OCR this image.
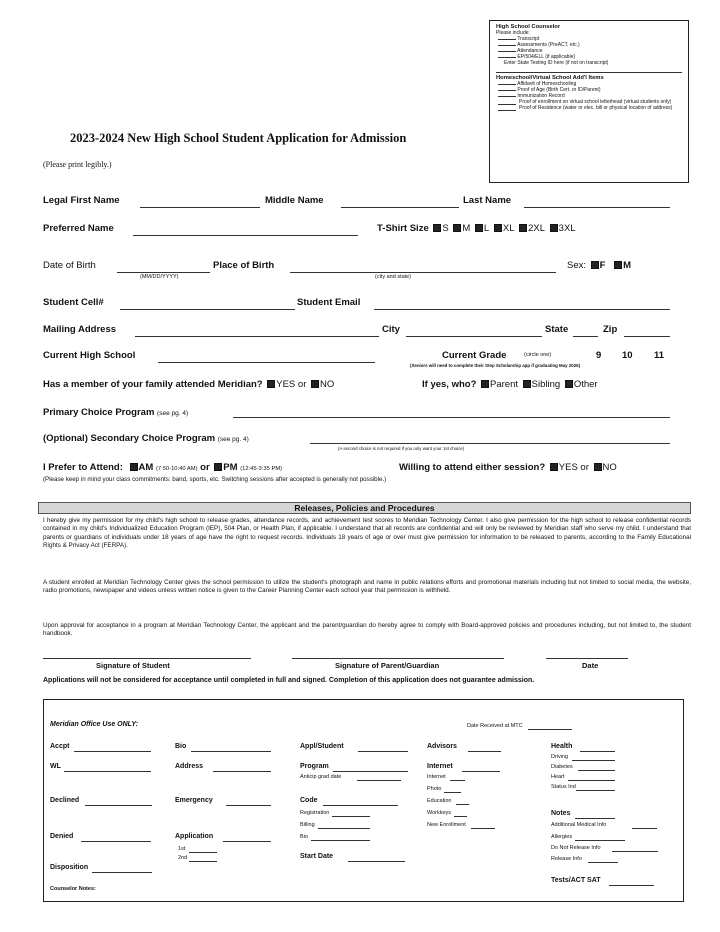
High School Counselor
Please include:
Transcript
Assessments (PreACT, etc.)
Attendance
EP/504/ELL (if applicable)
Enter State Testing ID here (if not on transcript)
Homeschool/Virtual School Add'l Items
Affidavit of Homeschooling
Proof of Age (Birth Cert. or ID/Parent)
Immunization Record
Proof of enrollment on virtual school letterhead (virtual students only)
Proof of Residence (water or elec. bill or physical location of address)
2023-2024 New High School Student Application for Admission
(Please print legibly.)
Legal First Name	Middle Name	Last Name
Preferred Name	T-Shirt Size S M L XL 2XL 3XL
Date of Birth
(MM/DD/YYYY)
Place of Birth
(city and state)
Sex: F M
Student Cell#	Student Email
Mailing Address	City	State	Zip
Current High School	Current Grade	(circle one)	9 10 11
(Seniors will need to complete their Step Scholarship app if graduating May 2025)
Has a member of your family attended Meridian? YES or NO	If yes, who? Parent Sibling Other
Primary Choice Program (see pg. 4)
(Optional) Secondary Choice Program (see pg. 4)
(A second choice is not required if you only want your 1st choice)
I Prefer to Attend: AM (7:50-10:40 AM) or PM (12:45-3:35 PM)	Willing to attend either session? YES or NO
(Please keep in mind your class commitments: band, sports, etc. Switching sessions after accepted is generally not possible.)
Releases, Policies and Procedures
I hereby give my permission for my child's high school to release grades, attendance records, and achievement test scores to Meridian Technology Center. I also give permission for the high school to release confidential records contained in my child's Individualized Education Program (IEP), 504 Plan, or Health Plan, if applicable. I understand that all records are confidential and will only be reviewed by Meridian staff who serve my child. I understand that parents or guardians of individuals under 18 years of age have the right to request records. Individuals 18 years of age or over must give permission for information to be released to parents, according to the Family Educational Rights & Privacy Act (FERPA).
A student enrolled at Meridian Technology Center gives the school permission to utilize the student's photograph and name in public relations efforts and promotional materials including but not limited to social media, the website, radio promotions, newspaper and videos unless written notice is given to the Career Planning Center each school year that permission is withheld.
Upon approval for acceptance in a program at Meridian Technology Center, the applicant and the parent/guardian do hereby agree to comply with Board-approved policies and procedures including, but not limited to, the student handbook.
Signature of Student	Signature of Parent/Guardian	Date
Applications will not be considered for acceptance until completed in full and signed. Completion of this application does not guarantee admission.
Meridian Office Use ONLY:	Date Received at MTC
Accpt
WL
Declined
Denied
Disposition
Counselor Notes:
Bio
Address
Emergency
Application
1st
2nd
Appl/Student
Program
Anticip grad date
Code
Registration
Billing
Bio
Start Date
Advisors
Internet
Internet
Photo
Education
Workkeys
New Enrollment
Health
Driving
Diabetes
Heart
Status Ind
Notes
Additional Medical Info
Allergies
Do Not Release Info
Release Info
Tests/ACT SAT
